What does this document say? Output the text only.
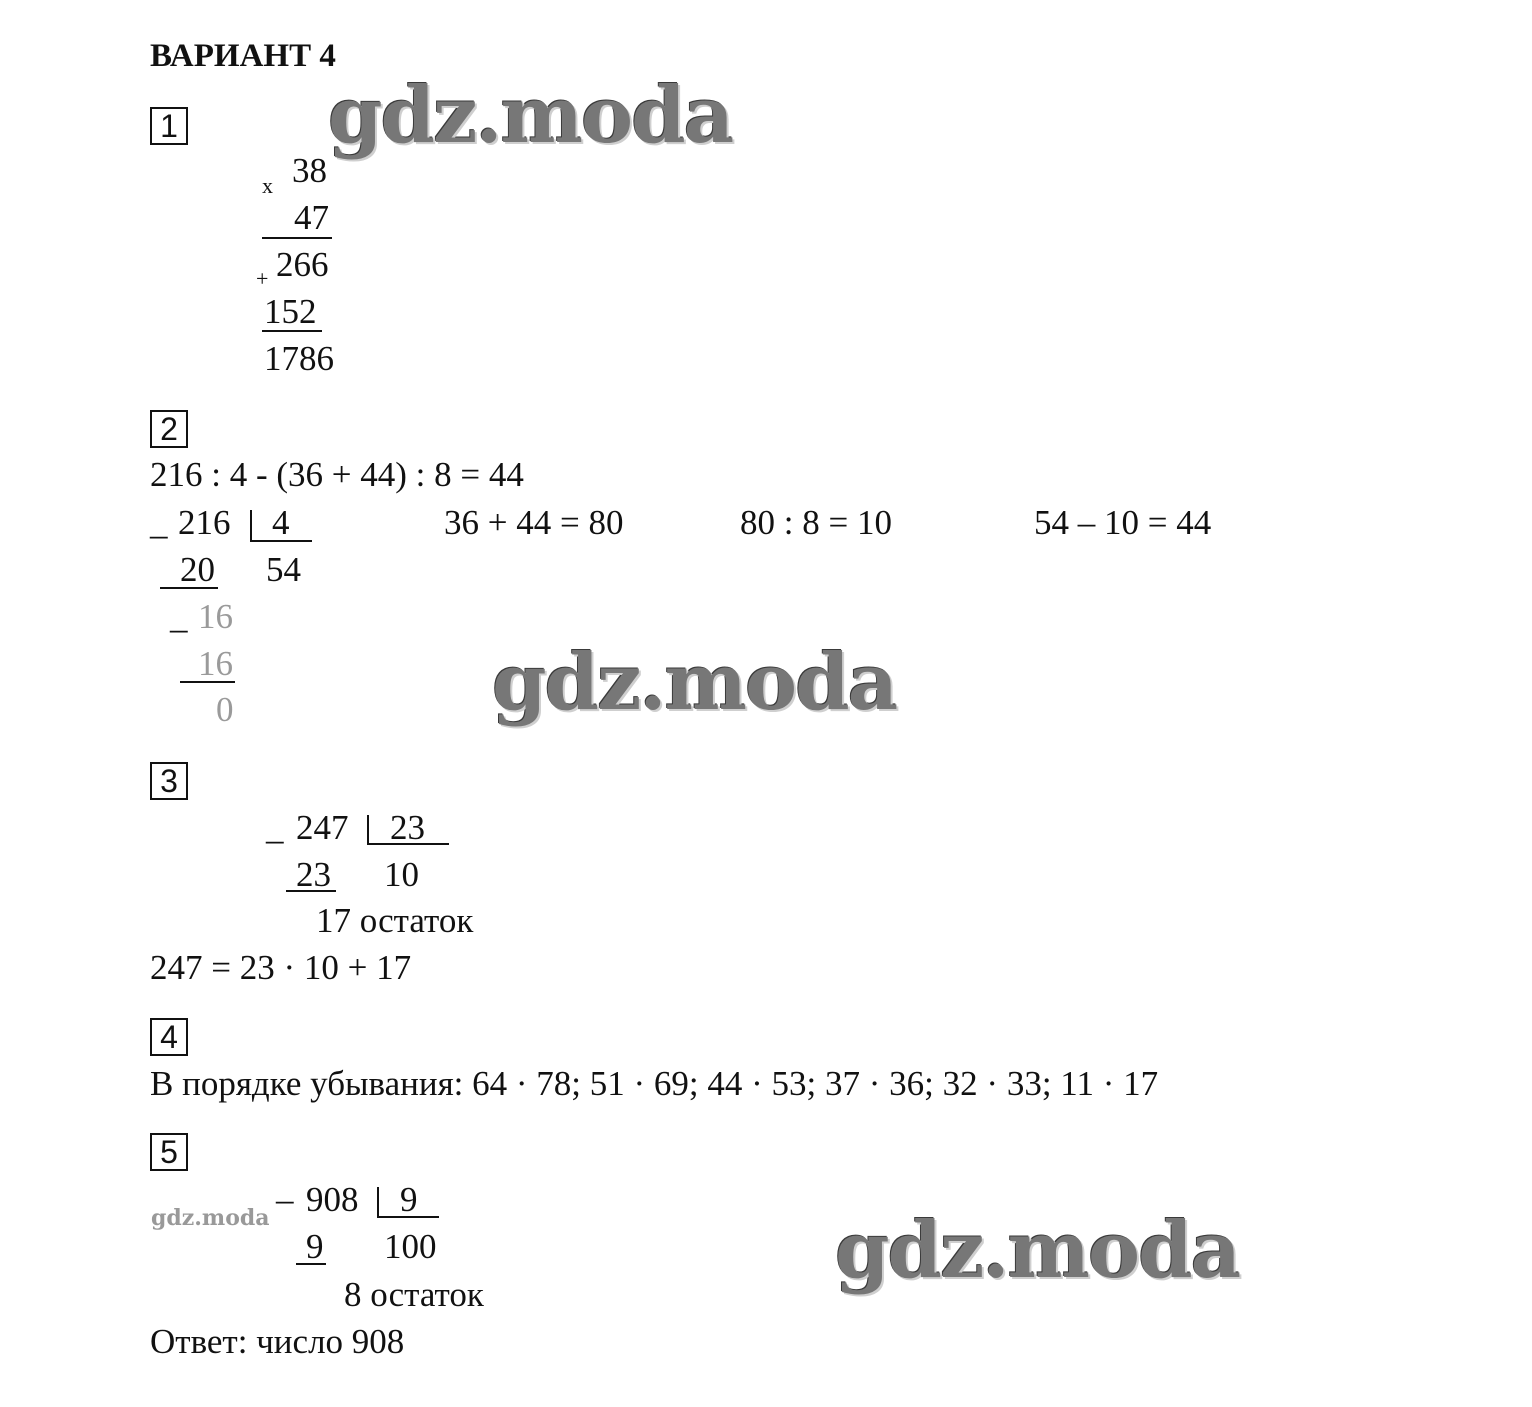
ВАРИАНТ 4
gdz.moda
gdz.moda
gdz.moda
gdz.moda
1
x 38
47
+ 266
152
1786
2
216 : 4 - (36 + 44) : 8 = 44
_ 216 4
20 54
_ 16
16
0
36 + 44 = 80	80 : 8 = 10	54 – 10 = 44
3
_ 247 23
23 10
17 остаток
247 = 23 · 10 + 17
4
В порядке убывания: 64 · 78; 51 · 69; 44 · 53; 37 · 36; 32 · 33; 11 · 17
5
– 908 9
9 100
8 остаток
Ответ: число 908
